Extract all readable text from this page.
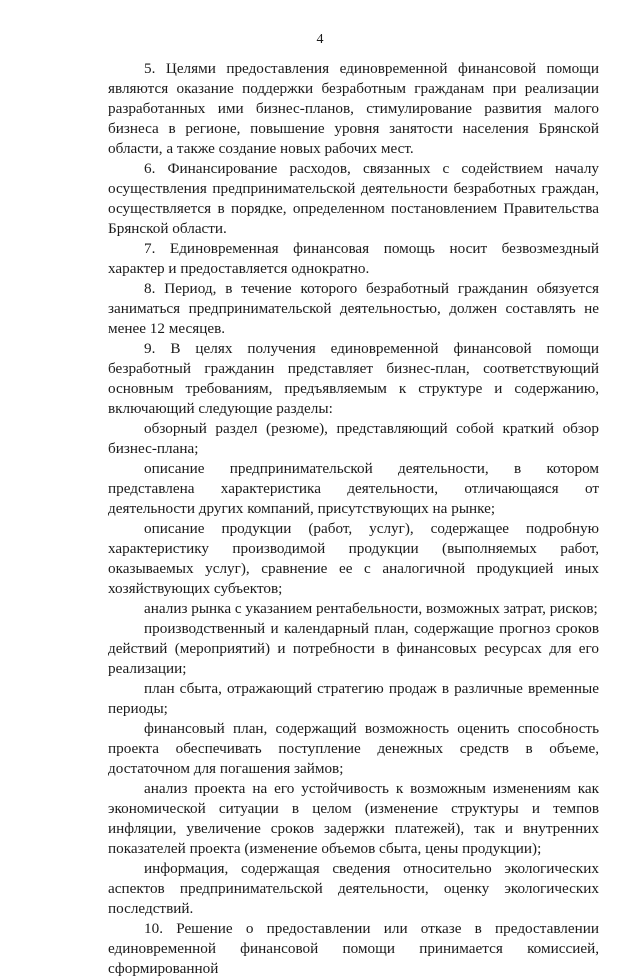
4

5. Целями предоставления единовременной финансовой помощи являются оказание поддержки безработным гражданам при реализации разработанных ими бизнес-планов, стимулирование развития малого бизнеса в регионе, повышение уровня занятости населения Брянской области, а также создание новых рабочих мест.

6. Финансирование расходов, связанных с содействием началу осуществления предпринимательской деятельности безработных граждан, осуществляется в порядке, определенном постановлением Правительства Брянской области.

7. Единовременная финансовая помощь носит безвозмездный характер и предоставляется однократно.

8. Период, в течение которого безработный гражданин обязуется заниматься предпринимательской деятельностью, должен составлять не менее 12 месяцев.

9. В целях получения единовременной финансовой помощи безработный гражданин представляет бизнес-план, соответствующий основным требованиям, предъявляемым к структуре и содержанию, включающий следующие разделы:

обзорный раздел (резюме), представляющий собой краткий обзор бизнес-плана;

описание предпринимательской деятельности, в котором представлена характеристика деятельности, отличающаяся от деятельности других компаний, присутствующих на рынке;

описание продукции (работ, услуг), содержащее подробную характеристику производимой продукции (выполняемых работ, оказываемых услуг), сравнение ее с аналогичной продукцией иных хозяйствующих субъектов;

анализ рынка с указанием рентабельности, возможных затрат, рисков;

производственный и календарный план, содержащие прогноз сроков действий (мероприятий) и потребности в финансовых ресурсах для его реализации;

план сбыта, отражающий стратегию продаж в различные временные периоды;

финансовый план, содержащий возможность оценить способность проекта обеспечивать поступление денежных средств в объеме, достаточном для погашения займов;

анализ проекта на его устойчивость к возможным изменениям как экономической ситуации в целом (изменение структуры и темпов инфляции, увеличение сроков задержки платежей), так и внутренних показателей проекта (изменение объемов сбыта, цены продукции);

информация, содержащая сведения относительно экологических аспектов предпринимательской деятельности, оценку экологических последствий.

10. Решение о предоставлении или отказе в предоставлении единовременной финансовой помощи принимается комиссией, сформированной
